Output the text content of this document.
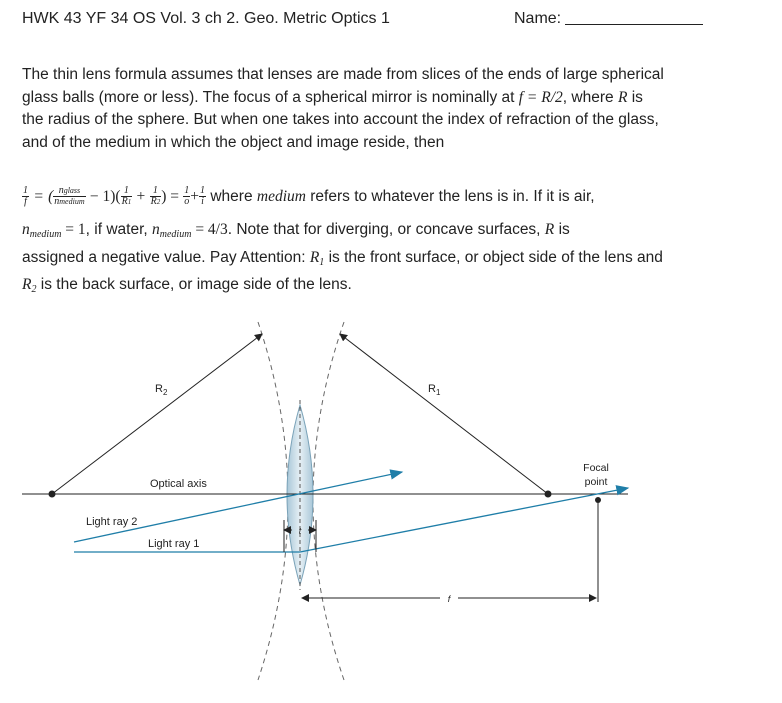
HWK 43 YF 34 OS Vol. 3 ch 2. Geo. Metric Optics 1	Name:
The thin lens formula assumes that lenses are made from slices of the ends of large spherical
glass balls (more or less). The focus of a spherical mirror is nominally at f = R/2, where R is
the radius of the sphere. But when one takes into account the index of refraction of the glass,
and of the medium in which the object and image reside, then
$\frac{1}{f}$ = ( $\frac{\text{nglass}}{\text{nmedium}} - 1)( \frac{1}{R1} + \frac{1}{R2}$ ) = $\frac{1}{o} + \frac{1}{i}$ where medium refers to whatever the lens is in. If it is air,
$n_{medium} = 1$, if water, $n_{medium} = 4/3$. Note that for diverging, or concave surfaces, R is
assigned a negative value. Pay Attention: $R_1$ is the front surface, or object side of the lens and
$R_2$ is the back surface, or image side of the lens.
t
f
$R_2$	$R_1$
Optical axis
Focal
point
Light ray 2
Light ray 1
